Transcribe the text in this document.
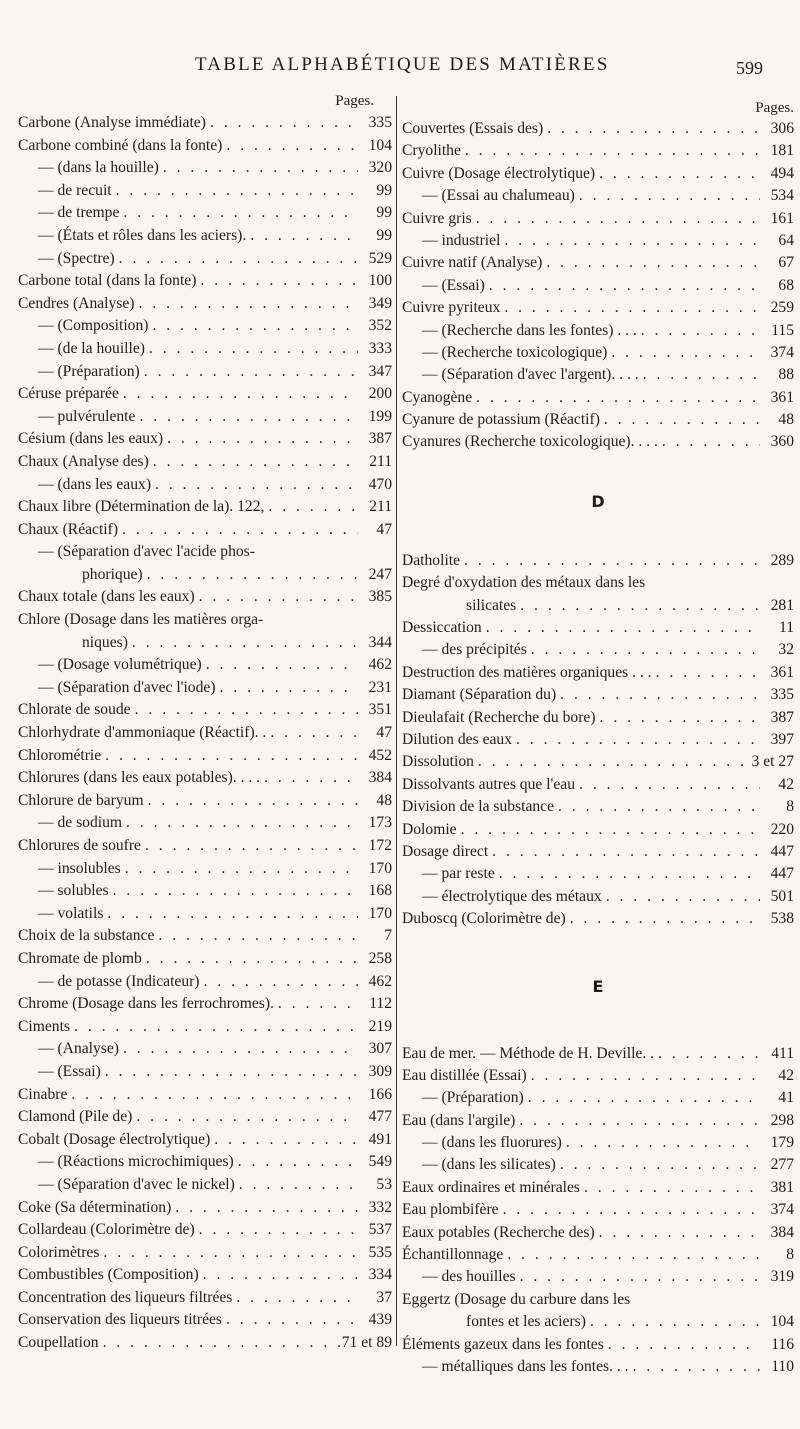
TABLE ALPHABÉTIQUE DES MATIÈRES	599
Pages.
Carbone (Analyse immédiate) . . .	335
Carbone combiné (dans la fonte) . . .	104
— (dans la houille) . . .	320
— de recuit . . .	99
— de trempe . . .	99
— (États et rôles dans les aciers). . . .	99
— (Spectre) . . .	529
Carbone total (dans la fonte) . . .	100
Cendres (Analyse) . . .	349
— (Composition) . . .	352
— (de la houille) . . .	333
— (Préparation) . . .	347
Céruse préparée . . .	200
— pulvérulente . . .	199
Césium (dans les eaux) . . .	387
Chaux (Analyse des) . . .	211
— (dans les eaux) . . .	470
Chaux libre (Détermination de la). 122, . . .	211
Chaux (Réactif) . . .	47
— (Séparation d'avec l'acide phos-
phorique) . . .	247
Chaux totale (dans les eaux) . . .	385
Chlore (Dosage dans les matières orga-
niques) . . .	344
— (Dosage volumétrique) . . .	462
— (Séparation d'avec l'iode) . . .	231
Chlorate de soude . . .	351
Chlorhydrate d'ammoniaque (Réactif). . . . .	47
Chlorométrie . . .	452
Chlorures (dans les eaux potables). . . . . . .	384
Chlorure de baryum . . .	48
— de sodium . . .	173
Chlorures de soufre . . .	172
— insolubles . . .	170
— solubles . . .	168
— volatils . . .	170
Choix de la substance . . .	7
Chromate de plomb . . .	258
— de potasse (Indicateur) . . .	462
Chrome (Dosage dans les ferrochromes). . . .	112
Ciments . . .	219
— (Analyse) . . .	307
— (Essai) . . .	309
Cinabre . . .	166
Clamond (Pile de) . . .	477
Cobalt (Dosage électrolytique) . . .	491
— (Réactions microchimiques) . . .	549
— (Séparation d'avec le nickel) . . .	53
Coke (Sa détermination) . . .	332
Collardeau (Colorimètre de) . . .	537
Colorimètres . . .	535
Combustibles (Composition) . . .	334
Concentration des liqueurs filtrées . . .	37
Conservation des liqueurs titrées . . .	439
Coupellation . . .	71 et 89
Pages.
Couvertes (Essais des) . . .	306
Cryolithe . . .	181
Cuivre (Dosage électrolytique) . . .	494
— (Essai au chalumeau) . . .	534
Cuivre gris . . .	161
— industriel . . .	64
Cuivre natif (Analyse) . . .	67
— (Essai) . . .	68
Cuivre pyriteux . . .	259
— (Recherche dans les fontes) . . . . . .	115
— (Recherche toxicologique) . . .	374
— (Séparation d'avec l'argent). . . . . . .	88
Cyanogène . . .	361
Cyanure de potassium (Réactif) . . .	48
Cyanures (Recherche toxicologique). . . . . . .	360
D
Datholite . . .	289
Degré d'oxydation des métaux dans les
silicates . . .	281
Dessiccation . . .	11
— des précipités . . .	32
Destruction des matières organiques . . . . . .	361
Diamant (Séparation du) . . .	335
Dieulafait (Recherche du bore) . . .	387
Dilution des eaux . . .	397
Dissolution . . .	3 et 27
Dissolvants autres que l'eau . . .	42
Division de la substance . . .	8
Dolomie . . .	220
Dosage direct . . .	447
— par reste . . .	447
— électrolytique des métaux . . .	501
Duboscq (Colorimètre de) . . .	538
E
Eau de mer. — Méthode de H. Deville. . . . .	411
Eau distillée (Essai) . . .	42
— (Préparation) . . .	41
Eau (dans l'argile) . . .	298
— (dans les fluorures) . . .	179
— (dans les silicates) . . .	277
Eaux ordinaires et minérales . . .	381
Eau plombifère . . .	374
Eaux potables (Recherche des) . . .	384
Échantillonnage . . .	8
— des houilles . . .	319
Eggertz (Dosage du carbure dans les
fontes et les aciers) . . .	104
Éléments gazeux dans les fontes . . .	116
— métalliques dans les fontes. . . . . .	110
